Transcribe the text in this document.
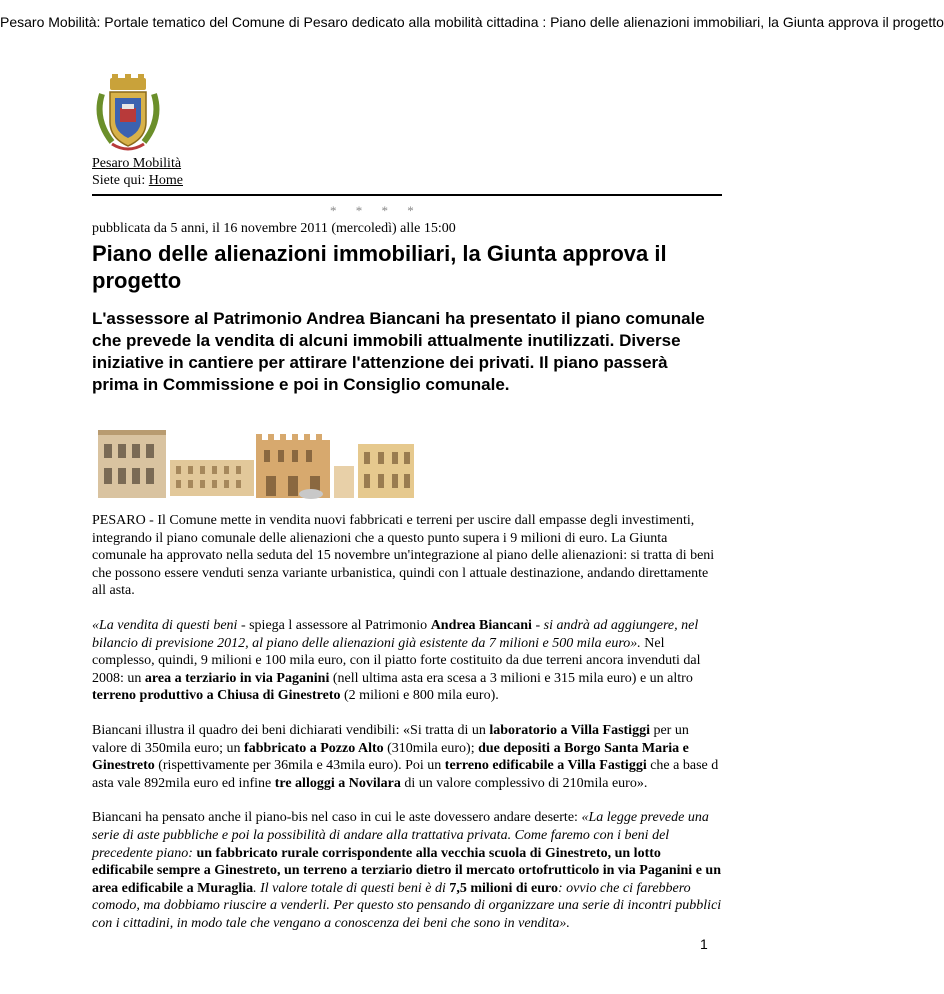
Pesaro Mobilità: Portale tematico del Comune di Pesaro dedicato alla mobilità cittadina : Piano delle alienazioni immobiliari, la Giunta approva il progetto
Pesaro Mobilità
Siete qui: Home
* * * *
pubblicata da 5 anni, il 16 novembre 2011 (mercoledì) alle 15:00
Piano delle alienazioni immobiliari, la Giunta approva il progetto
L'assessore al Patrimonio Andrea Biancani ha presentato il piano comunale che prevede la vendita di alcuni immobili attualmente inutilizzati. Diverse iniziative in cantiere per attirare l'attenzione dei privati. Il piano passerà prima in Commissione e poi in Consiglio comunale.

PESARO - Il Comune mette in vendita nuovi fabbricati e terreni per uscire dall empasse degli investimenti, integrando il piano comunale delle alienazioni che a questo punto supera i 9 milioni di euro. La Giunta comunale ha approvato nella seduta del 15 novembre un'integrazione al piano delle alienazioni: si tratta di beni che possono essere venduti senza variante urbanistica, quindi con l attuale destinazione, andando direttamente all asta.

«La vendita di questi beni - spiega l assessore al Patrimonio Andrea Biancani - si andrà ad aggiungere, nel bilancio di previsione 2012, al piano delle alienazioni già esistente da 7 milioni e 500 mila euro». Nel complesso, quindi, 9 milioni e 100 mila euro, con il piatto forte costituito da due terreni ancora invenduti dal 2008: un area a terziario in via Paganini (nell ultima asta era scesa a 3 milioni e 315 mila euro) e un altro terreno produttivo a Chiusa di Ginestreto (2 milioni e 800 mila euro).

Biancani illustra il quadro dei beni dichiarati vendibili: «Si tratta di un laboratorio a Villa Fastiggi per un valore di 350mila euro; un fabbricato a Pozzo Alto (310mila euro); due depositi a Borgo Santa Maria e Ginestreto (rispettivamente per 36mila e 43mila euro). Poi un terreno edificabile a Villa Fastiggi che a base d asta vale 892mila euro ed infine tre alloggi a Novilara di un valore complessivo di 210mila euro».

Biancani ha pensato anche il piano-bis nel caso in cui le aste dovessero andare deserte: «La legge prevede una serie di aste pubbliche e poi la possibilità di andare alla trattativa privata. Come faremo con i beni del precedente piano: un fabbricato rurale corrispondente alla vecchia scuola di Ginestreto, un lotto edificabile sempre a Ginestreto, un terreno a terziario dietro il mercato ortofrutticolo in via Paganini e un area edificabile a Muraglia. Il valore totale di questi beni è di 7,5 milioni di euro: ovvio che ci farebbero comodo, ma dobbiamo riuscire a venderli. Per questo sto pensando di organizzare una serie di incontri pubblici con i cittadini, in modo tale che vengano a conoscenza dei beni che sono in vendita».

1
